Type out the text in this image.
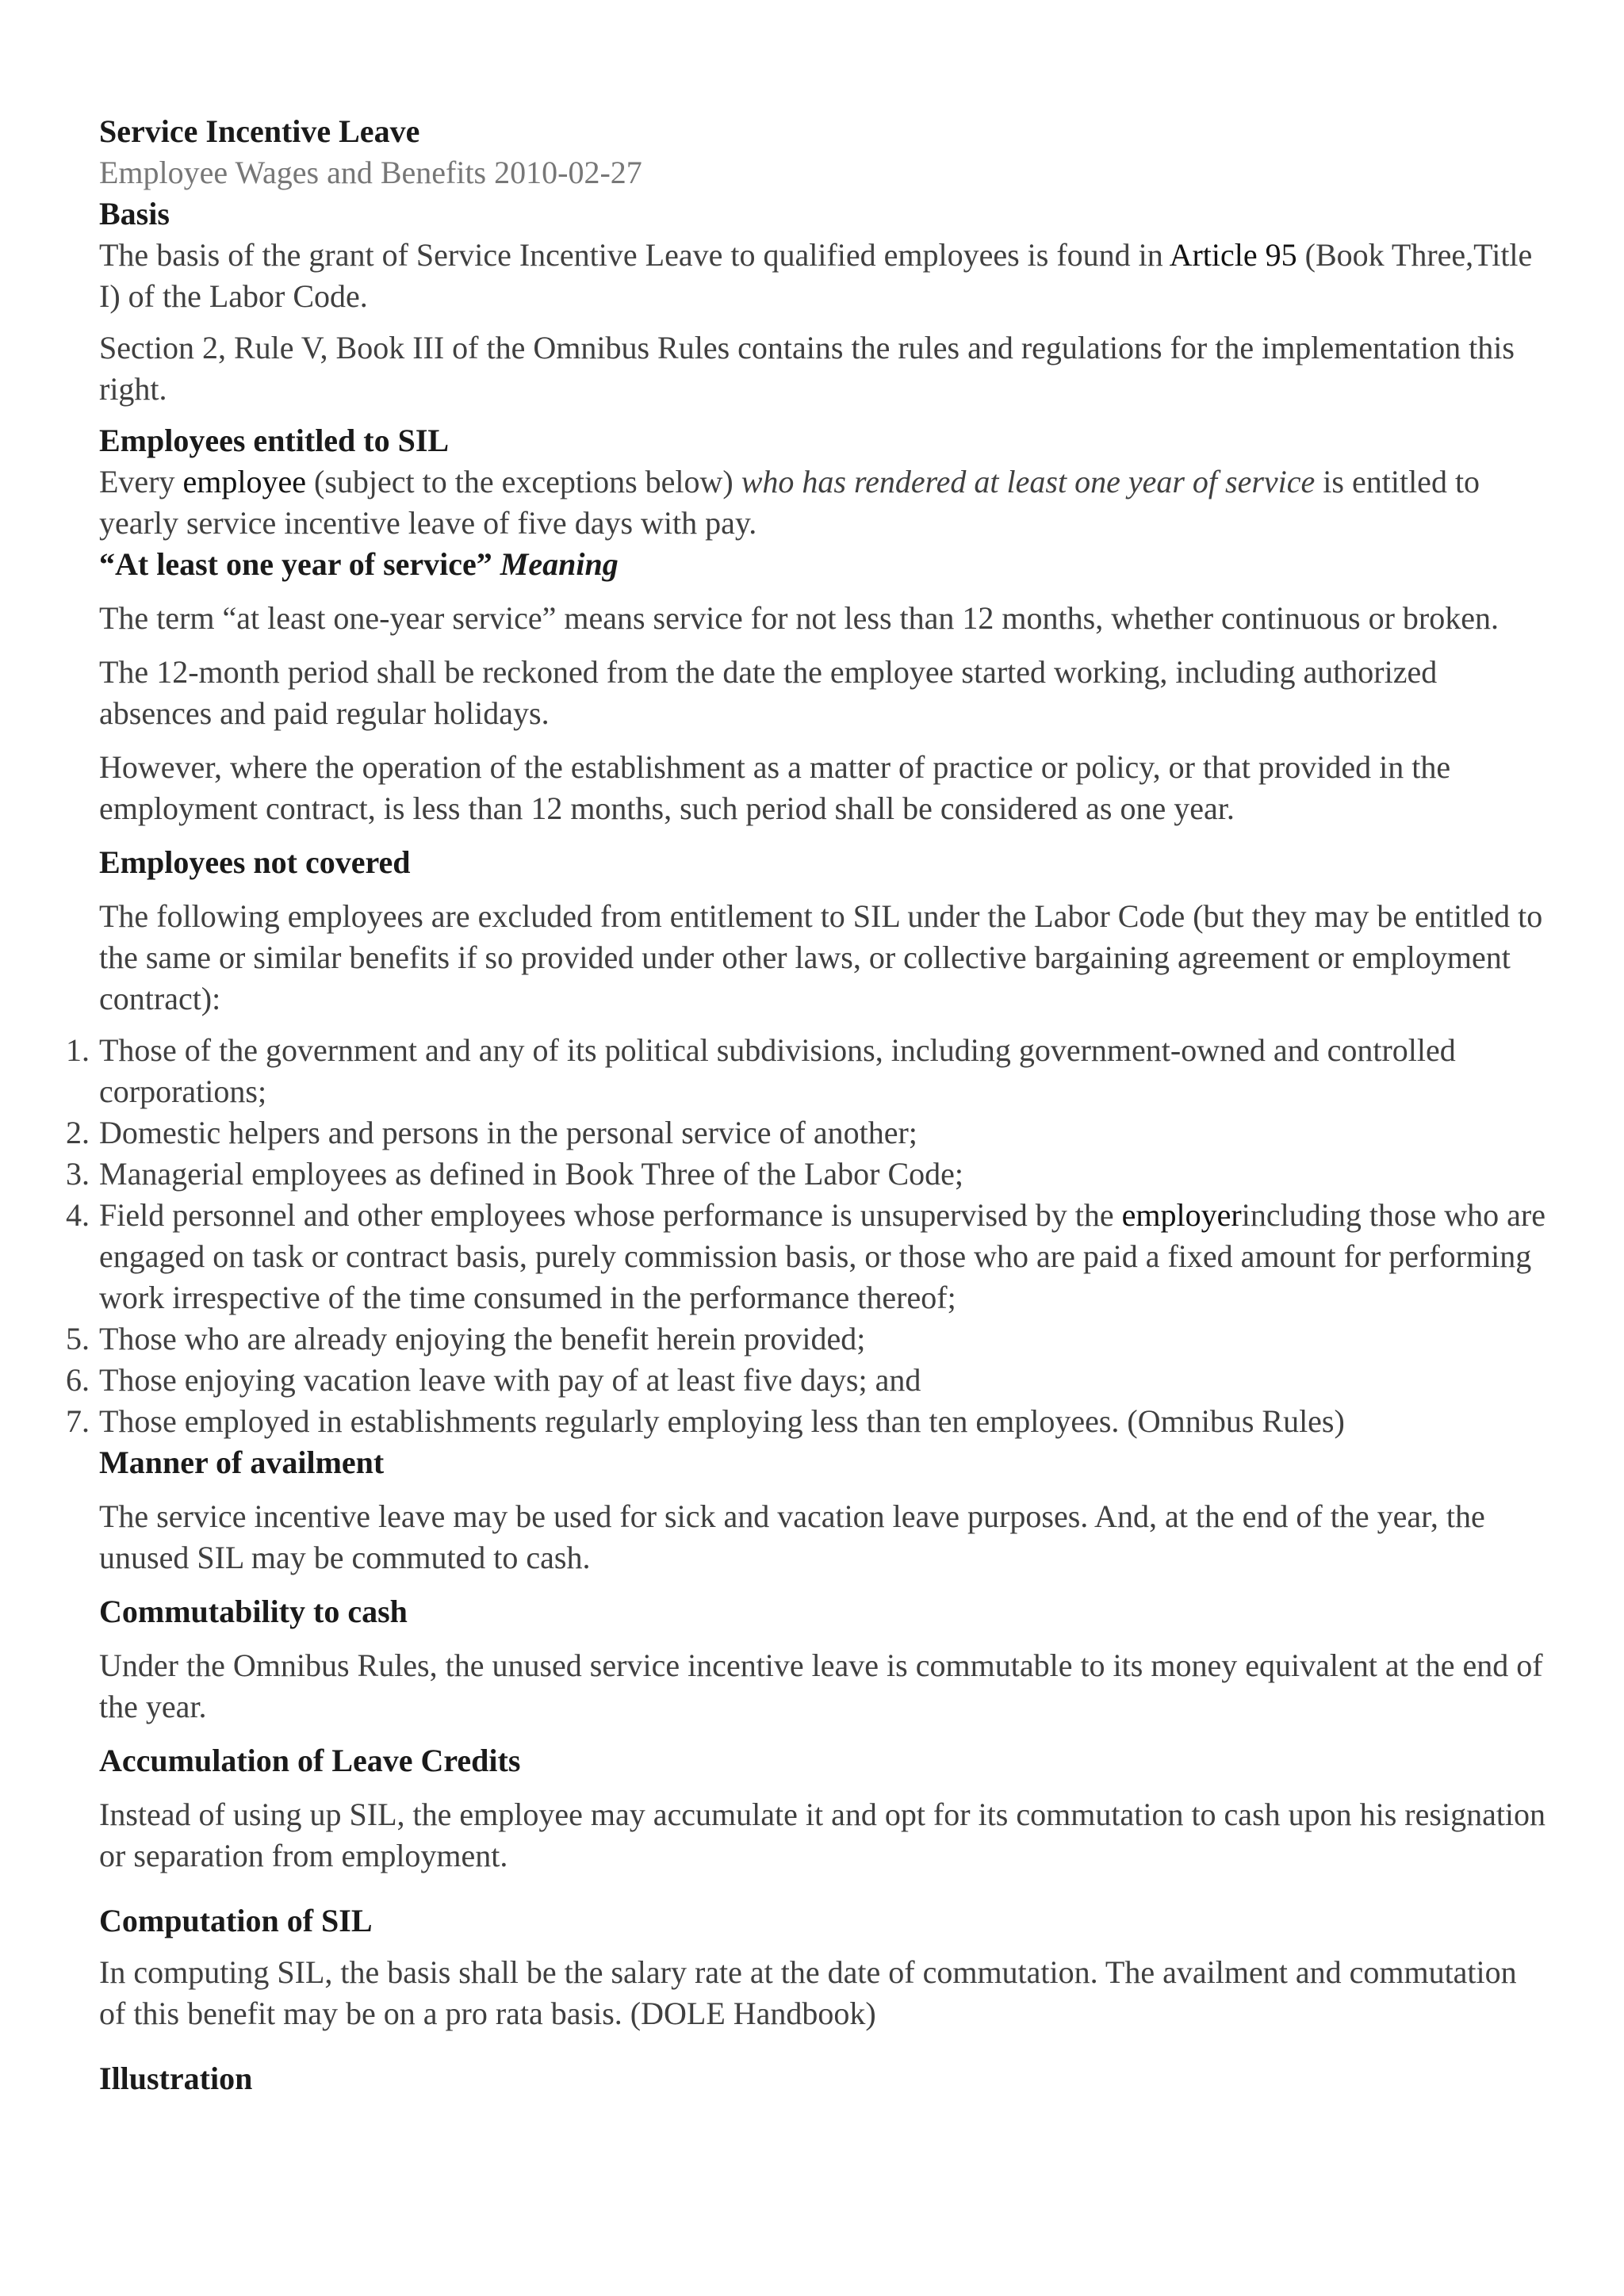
Service Incentive Leave

Employee Wages and Benefits 2010-02-27

Basis

The basis of the grant of Service Incentive Leave to qualified employees is found in Article 95 (Book Three,Title I) of the Labor Code.

Section 2, Rule V, Book III of the Omnibus Rules contains the rules and regulations for the implementation this right.

Employees entitled to SIL

Every employee (subject to the exceptions below) who has rendered at least one year of service is entitled to yearly service incentive leave of five days with pay.

“At least one year of service” Meaning

The term “at least one-year service” means service for not less than 12 months, whether continuous or broken.

The 12-month period shall be reckoned from the date the employee started working, including authorized absences and paid regular holidays.

However, where the operation of the establishment as a matter of practice or policy, or that provided in the employment contract, is less than 12 months, such period shall be considered as one year.

Employees not covered

The following employees are excluded from entitlement to SIL under the Labor Code (but they may be entitled to the same or similar benefits if so provided under other laws, or collective bargaining agreement or employment contract):

1. Those of the government and any of its political subdivisions, including government-owned and controlled corporations;
2. Domestic helpers and persons in the personal service of another;
3. Managerial employees as defined in Book Three of the Labor Code;
4. Field personnel and other employees whose performance is unsupervised by the employerincluding those who are engaged on task or contract basis, purely commission basis, or those who are paid a fixed amount for performing work irrespective of the time consumed in the performance thereof;
5. Those who are already enjoying the benefit herein provided;
6. Those enjoying vacation leave with pay of at least five days; and
7. Those employed in establishments regularly employing less than ten employees. (Omnibus Rules)

Manner of availment

The service incentive leave may be used for sick and vacation leave purposes. And, at the end of the year, the unused SIL may be commuted to cash.

Commutability to cash

Under the Omnibus Rules, the unused service incentive leave is commutable to its money equivalent at the end of the year.

Accumulation of Leave Credits

Instead of using up SIL, the employee may accumulate it and opt for its commutation to cash upon his resignation or separation from employment.

Computation of SIL

In computing SIL, the basis shall be the salary rate at the date of commutation. The availment and commutation of this benefit may be on a pro rata basis. (DOLE Handbook)

Illustration
